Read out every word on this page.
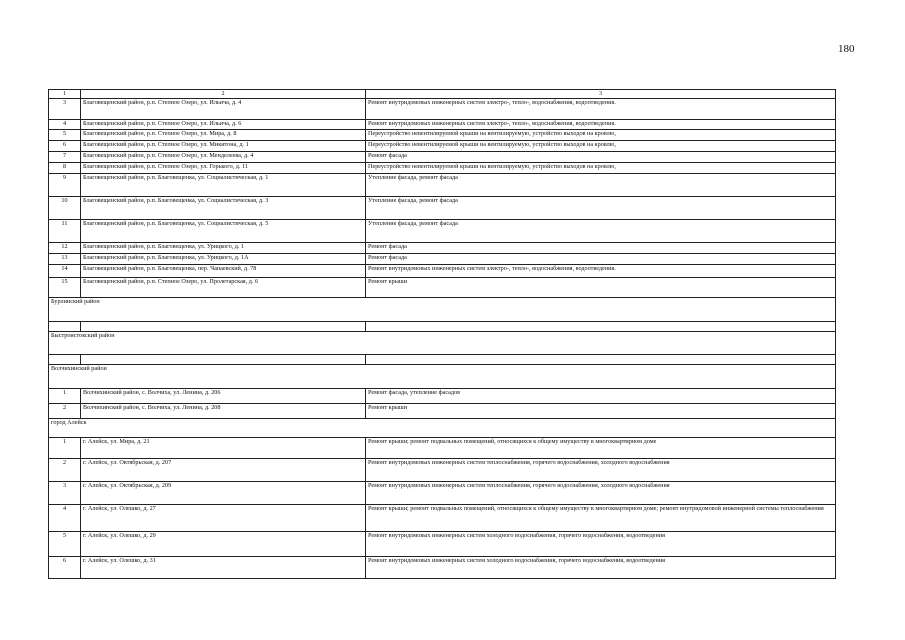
180
1	2	3
3	Благовещенский район, р.п. Степное Озеро, ул. Ильича, д. 4	Ремонт внутридомовых инженерных систем электро-, тепло-, водоснабжения, водоотведения.
4	Благовещенский район, р.п. Степное Озеро, ул. Ильича, д. 6	Ремонт внутридомовых инженерных систем электро-, тепло-, водоснабжения, водоотведения.
5	Благовещенский район, р.п. Степное Озеро, ул. Мира, д. 8	Переустройство невентилируемой крыши на вентилируемую, устройство выходов на кровлю,
6	Благовещенский район, р.п. Степное Озеро, ул. Микитона, д. 1	Переустройство невентилируемой крыши на вентилируемую, устройство выходов на кровлю,
7	Благовещенский район, р.п. Степное Озеро, ул. Менделеева, д. 4	Ремонт фасада
8	Благовещенский район, р.п. Степное Озеро, ул. Горького, д. 11	Переустройство невентилируемой крыши на вентилируемую, устройство выходов на кровлю,
9	Благовещенский район, р.п. Благовещенка, ул. Социалистическая, д. 1	Утепление фасада, ремонт фасада
10	Благовещенский район, р.п. Благовещенка, ул. Социалистическая, д. 3	Утепление фасада, ремонт фасада
11	Благовещенский район, р.п. Благовещенка, ул. Социалистическая, д. 5	Утепление фасада, ремонт фасада
12	Благовещенский район, р.п. Благовещенка, ул. Урицкого, д. 1	Ремонт фасада
13	Благовещенский район, р.п. Благовещенка, ул. Урицкого, д. 1А	Ремонт фасада
14	Благовещенский район, р.п. Благовещенка, пер. Чапаевский, д. 78	Ремонт внутридомовых инженерных систем электро-, тепло-, водоснабжения, водоотведения.
15	Благовещенский район, р.п. Степное Озеро, ул. Пролетарская, д. 6	Ремонт крыши
Бурлинский район		

Быстроистокский район		

Волчихинский район		
1	Волчихинский район, с. Волчиха, ул. Ленина, д. 206	Ремонт фасада, утепление фасадов
2	Волчихинский район, с. Волчиха, ул. Ленина, д. 208	Ремонт крыши
город Алейск		
1	г. Алейск, ул. Мира, д. 21	Ремонт крыши; ремонт подвальных помещений, относящихся к общему имуществу в многоквартирном доме
2	г. Алейск, ул. Октябрьская, д. 207	Ремонт внутридомовых инженерных систем теплоснабжения, горячего водоснабжения, холодного водоснабжения
3	г. Алейск, ул. Октябрьская, д. 209	Ремонт внутридомовых инженерных систем теплоснабжения, горячего водоснабжения, холодного водоснабжения
4	г. Алейск, ул. Олешко, д. 27	Ремонт крыши; ремонт подвальных помещений, относящихся к общему имуществу в многоквартирном доме; ремонт внутридомовой инженерной системы теплоснабжения
5	г. Алейск, ул. Олешко, д. 29	Ремонт внутридомовых инженерных систем холодного водоснабжения, горячего водоснабжения, водоотведения
6	г. Алейск, ул. Олешко, д. 31	Ремонт внутридомовых инженерных систем холодного водоснабжения, горячего водоснабжения, водоотведения
